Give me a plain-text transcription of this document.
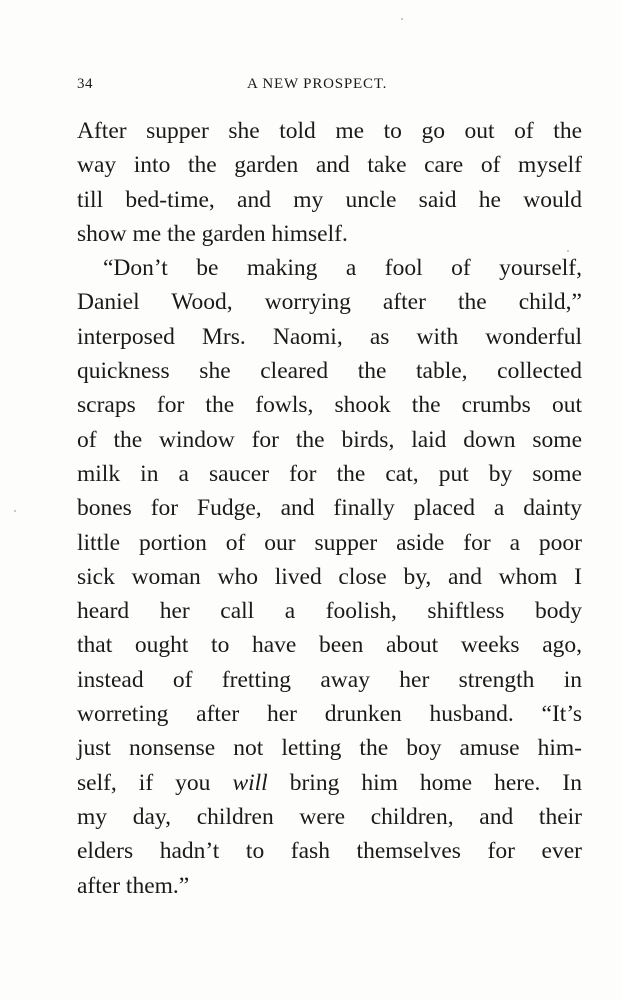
34	A NEW PROSPECT.
After supper she told me to go out of the
way into the garden and take care of myself
till bed-time, and my uncle said he would
show me the garden himself.
“Don’t be making a fool of yourself,
Daniel Wood, worrying after the child,”
interposed Mrs. Naomi, as with wonderful
quickness she cleared the table, collected
scraps for the fowls, shook the crumbs out
of the window for the birds, laid down some
milk in a saucer for the cat, put by some
bones for Fudge, and finally placed a dainty
little portion of our supper aside for a poor
sick woman who lived close by, and whom I
heard her call a foolish, shiftless body
that ought to have been about weeks ago,
instead of fretting away her strength in
worreting after her drunken husband. “It’s
just nonsense not letting the boy amuse him-
self, if you will bring him home here. In
my day, children were children, and their
elders hadn’t to fash themselves for ever
after them.”
